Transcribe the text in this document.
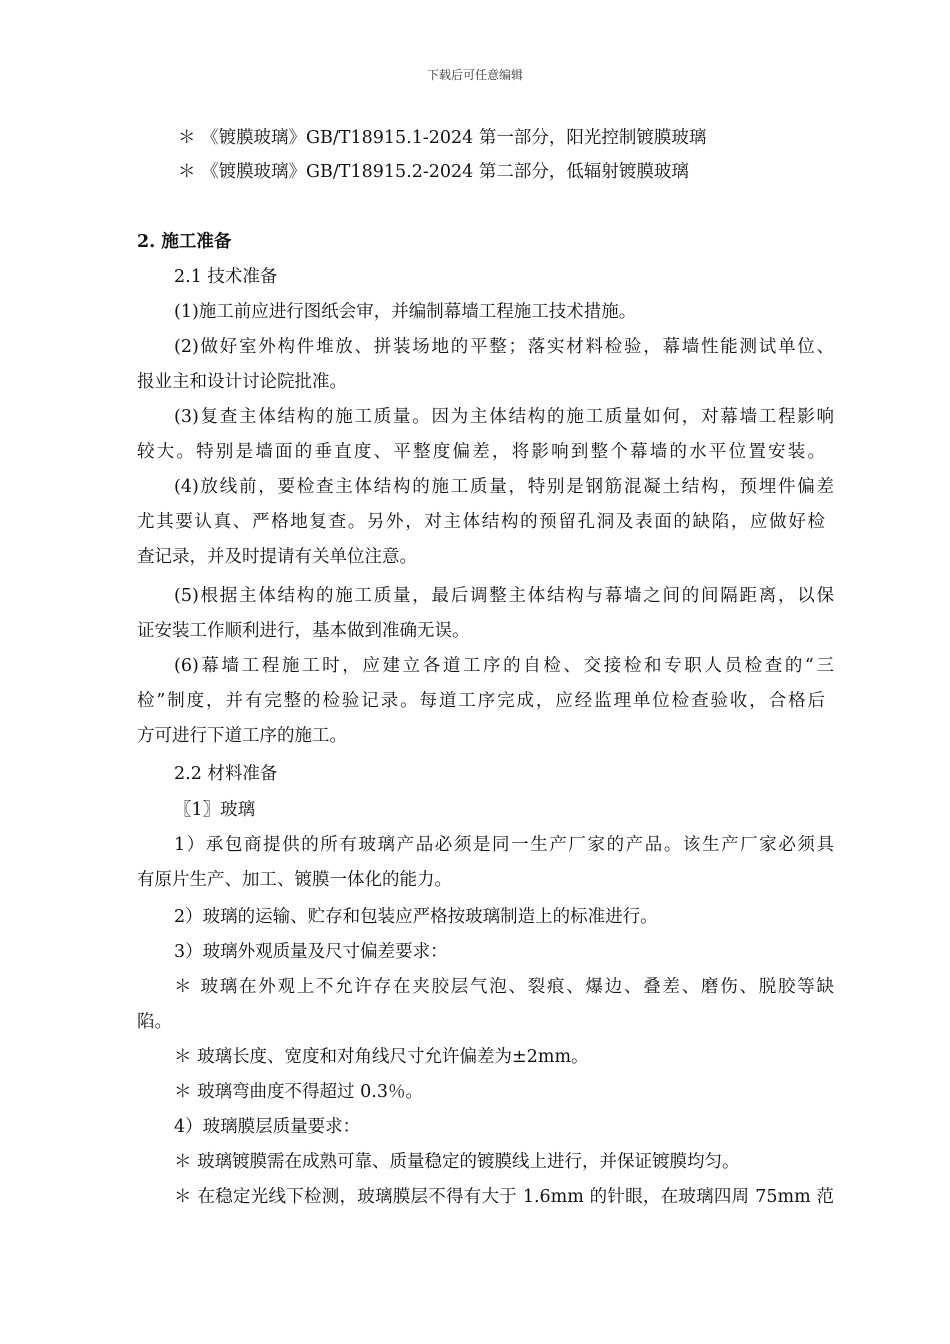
下载后可任意编辑
＊ 《镀膜玻璃》GB/T18915.1-2024 第一部分，阳光控制镀膜玻璃
＊ 《镀膜玻璃》GB/T18915.2-2024 第二部分，低辐射镀膜玻璃
2. 施工准备
2.1 技术准备
(1)施工前应进行图纸会审，并编制幕墙工程施工技术措施。
(2)做好室外构件堆放、拼装场地的平整；落实材料检验，幕墙性能测试单位、
报业主和设计讨论院批准。
(3)复查主体结构的施工质量。因为主体结构的施工质量如何，对幕墙工程影响
较大。特别是墙面的垂直度、平整度偏差，将影响到整个幕墙的水平位置安装。
(4)放线前，要检查主体结构的施工质量，特别是钢筋混凝土结构，预埋件偏差
尤其要认真、严格地复查。另外，对主体结构的预留孔洞及表面的缺陷，应做好检
查记录，并及时提请有关单位注意。
(5)根据主体结构的施工质量，最后调整主体结构与幕墙之间的间隔距离，以保
证安装工作顺利进行，基本做到准确无误。
(6)幕墙工程施工时，应建立各道工序的自检、交接检和专职人员检查的“三
检”制度，并有完整的检验记录。每道工序完成，应经监理单位检查验收，合格后
方可进行下道工序的施工。
2.2 材料准备
〖1〗玻璃
1）承包商提供的所有玻璃产品必须是同一生产厂家的产品。该生产厂家必须具
有原片生产、加工、镀膜一体化的能力。
2）玻璃的运输、贮存和包装应严格按玻璃制造上的标准进行。
3）玻璃外观质量及尺寸偏差要求：
＊ 玻璃在外观上不允许存在夹胶层气泡、裂痕、爆边、叠差、磨伤、脱胶等缺
陷。
＊ 玻璃长度、宽度和对角线尺寸允许偏差为±2mm。
＊ 玻璃弯曲度不得超过 0.3％。
4）玻璃膜层质量要求：
＊ 玻璃镀膜需在成熟可靠、质量稳定的镀膜线上进行，并保证镀膜均匀。
＊ 在稳定光线下检测，玻璃膜层不得有大于 1.6mm 的针眼，在玻璃四周 75mm 范
